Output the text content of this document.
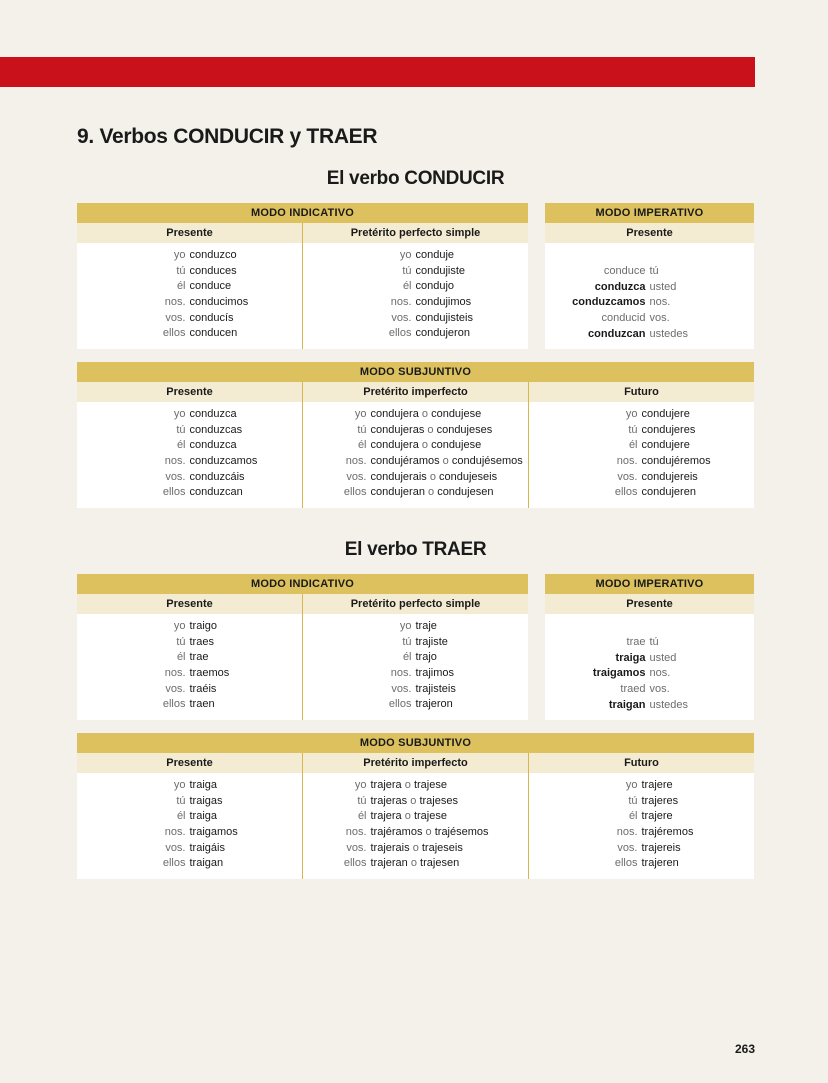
9. Verbos CONDUCIR y TRAER
El verbo CONDUCIR
MODO INDICATIVO
Presente
yo conduzco
tú conduces
él conduce
nos. conducimos
vos. conducís
ellos conducen
Pretérito perfecto simple
yo conduje
tú condujiste
él condujo
nos. condujimos
vos. condujisteis
ellos condujeron
MODO IMPERATIVO
Presente
conduce tú
conduzca usted
conduzcamos nos.
conducid vos.
conduzcan ustedes
MODO SUBJUNTIVO
Presente
yo conduzca
tú conduzcas
él conduzca
nos. conduzcamos
vos. conduzcáis
ellos conduzcan
Pretérito imperfecto
yo condujera o condujese
tú condujeras o condujeses
él condujera o condujese
nos. condujéramos o condujésemos
vos. condujerais o condujeseis
ellos condujeran o condujesen
Futuro
yo condujere
tú condujeres
él condujere
nos. condujéremos
vos. condujereis
ellos condujeren
El verbo TRAER
MODO INDICATIVO
Presente
yo traigo
tú traes
él trae
nos. traemos
vos. traéis
ellos traen
Pretérito perfecto simple
yo traje
tú trajiste
él trajo
nos. trajimos
vos. trajisteis
ellos trajeron
MODO IMPERATIVO
Presente
trae tú
traiga usted
traigamos nos.
traed vos.
traigan ustedes
MODO SUBJUNTIVO
Presente
yo traiga
tú traigas
él traiga
nos. traigamos
vos. traigáis
ellos traigan
Pretérito imperfecto
yo trajera o trajese
tú trajeras o trajeses
él trajera o trajese
nos. trajéramos o trajésemos
vos. trajerais o trajeseis
ellos trajeran o trajesen
Futuro
yo trajere
tú trajeres
él trajere
nos. trajéremos
vos. trajereis
ellos trajeren
263
